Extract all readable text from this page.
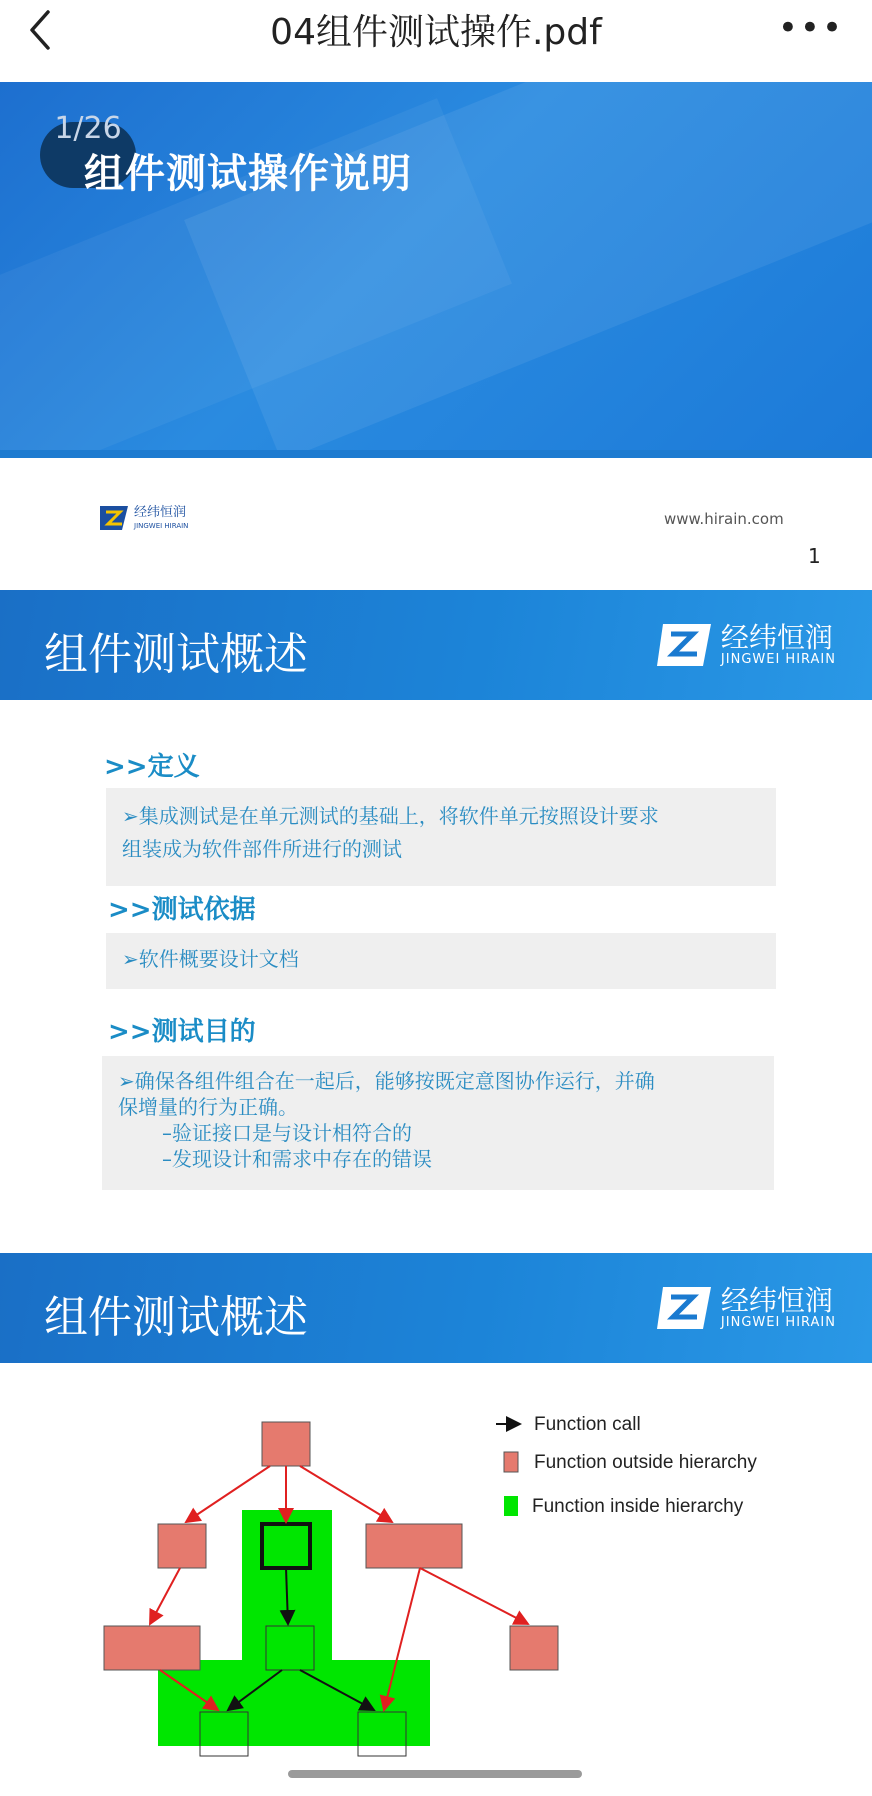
04组件测试操作.pdf	•••
1/26
组件测试操作说明
经纬恒润
JINGWEI HIRAIN	www.hirain.com
1
组件测试概述	经纬恒润
JINGWEI HIRAIN
>>定义
➢集成测试是在单元测试的基础上，将软件单元按照设计要求
组装成为软件部件所进行的测试
>>测试依据
➢软件概要设计文档
>>测试目的
➢确保各组件组合在一起后，能够按既定意图协作运行，并确
保增量的行为正确。
–验证接口是与设计相符合的
–发现设计和需求中存在的错误
组件测试概述	经纬恒润
JINGWEI HIRAIN
Function call
Function outside hierarchy
Function inside hierarchy
